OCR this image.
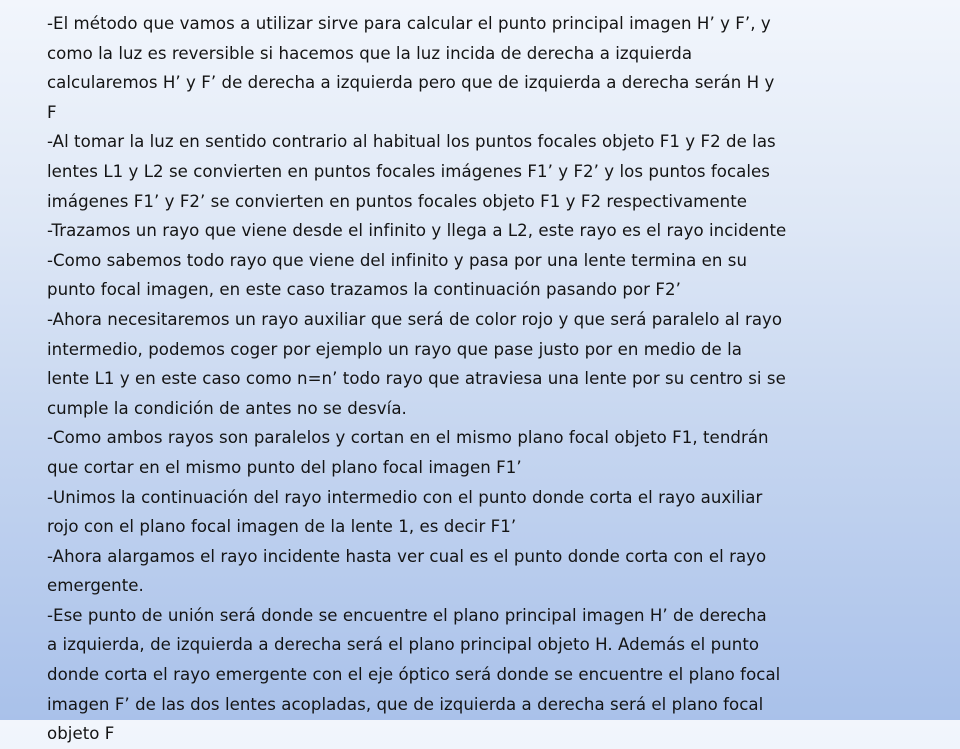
-El método que vamos a utilizar sirve para calcular el punto principal imagen H’ y F’, y
como la luz es reversible si hacemos que la luz incida de derecha a izquierda
calcularemos H’ y F’ de derecha a izquierda pero que de izquierda a derecha serán H y
F
-Al tomar la luz en sentido contrario al habitual los puntos focales objeto F1 y F2 de las
lentes L1 y L2 se convierten en puntos focales imágenes F1’ y F2’ y los puntos focales
imágenes F1’ y F2’ se convierten en puntos focales objeto F1 y F2 respectivamente
-Trazamos un rayo que viene desde el infinito y llega a L2, este rayo es el rayo incidente
-Como sabemos todo rayo que viene del infinito y pasa por una lente termina en su
punto focal imagen, en este caso trazamos la continuación pasando por F2’
-Ahora necesitaremos un rayo auxiliar que será de color rojo y que será paralelo al rayo
intermedio, podemos coger por ejemplo un rayo que pase justo por en medio de la
lente L1 y en este caso como n=n’ todo rayo que atraviesa una lente por su centro si se
cumple la condición de antes no se desvía.
-Como ambos rayos son paralelos y cortan en el mismo plano focal objeto F1, tendrán
que cortar en el mismo punto del plano focal imagen F1’
-Unimos la continuación del rayo intermedio con el punto donde corta el rayo auxiliar
rojo con el plano focal imagen de la lente 1, es decir F1’
-Ahora alargamos el rayo incidente hasta ver cual es el punto donde corta con el rayo
emergente.
-Ese punto de unión será donde se encuentre el plano principal imagen H’ de derecha
a izquierda, de izquierda a derecha será el plano principal objeto H. Además el punto
donde corta el rayo emergente con el eje óptico será donde se encuentre el plano focal
imagen F’ de las dos lentes acopladas, que de izquierda a derecha será el plano focal
objeto F
